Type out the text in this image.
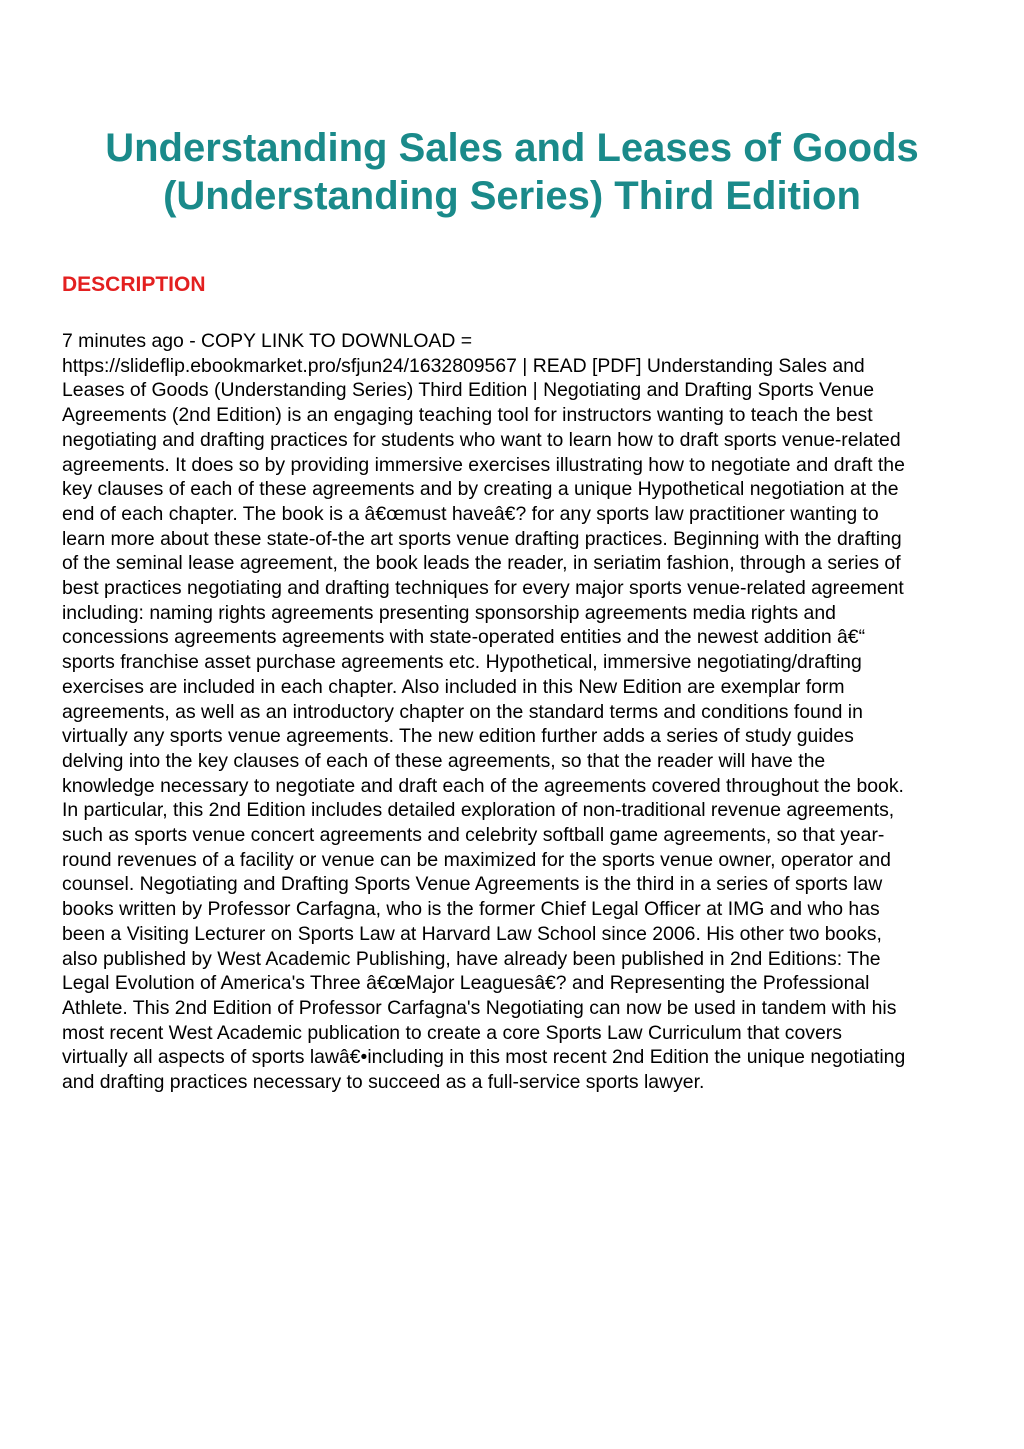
Understanding Sales and Leases of Goods (Understanding Series) Third Edition
DESCRIPTION

7 minutes ago - COPY LINK TO DOWNLOAD =
https://slideflip.ebookmarket.pro/sfjun24/1632809567 | READ [PDF] Understanding Sales and
Leases of Goods (Understanding Series) Third Edition | Negotiating and Drafting Sports Venue
Agreements (2nd Edition) is an engaging teaching tool for instructors wanting to teach the best
negotiating and drafting practices for students who want to learn how to draft sports venue-related
agreements. It does so by providing immersive exercises illustrating how to negotiate and draft the
key clauses of each of these agreements and by creating a unique Hypothetical negotiation at the
end of each chapter. The book is a â€œmust haveâ€? for any sports law practitioner wanting to
learn more about these state-of-the art sports venue drafting practices. Beginning with the drafting
of the seminal lease agreement, the book leads the reader, in seriatim fashion, through a series of
best practices negotiating and drafting techniques for every major sports venue-related agreement
including: naming rights agreements presenting sponsorship agreements media rights and
concessions agreements agreements with state-operated entities and the newest addition â€“
sports franchise asset purchase agreements etc. Hypothetical, immersive negotiating/drafting
exercises are included in each chapter. Also included in this New Edition are exemplar form
agreements, as well as an introductory chapter on the standard terms and conditions found in
virtually any sports venue agreements. The new edition further adds a series of study guides
delving into the key clauses of each of these agreements, so that the reader will have the
knowledge necessary to negotiate and draft each of the agreements covered throughout the book.
In particular, this 2nd Edition includes detailed exploration of non-traditional revenue agreements,
such as sports venue concert agreements and celebrity softball game agreements, so that year-
round revenues of a facility or venue can be maximized for the sports venue owner, operator and
counsel. Negotiating and Drafting Sports Venue Agreements is the third in a series of sports law
books written by Professor Carfagna, who is the former Chief Legal Officer at IMG and who has
been a Visiting Lecturer on Sports Law at Harvard Law School since 2006. His other two books,
also published by West Academic Publishing, have already been published in 2nd Editions: The
Legal Evolution of America's Three â€œMajor Leaguesâ€? and Representing the Professional
Athlete. This 2nd Edition of Professor Carfagna's Negotiating can now be used in tandem with his
most recent West Academic publication to create a core Sports Law Curriculum that covers
virtually all aspects of sports lawâ€•including in this most recent 2nd Edition the unique negotiating
and drafting practices necessary to succeed as a full-service sports lawyer.
